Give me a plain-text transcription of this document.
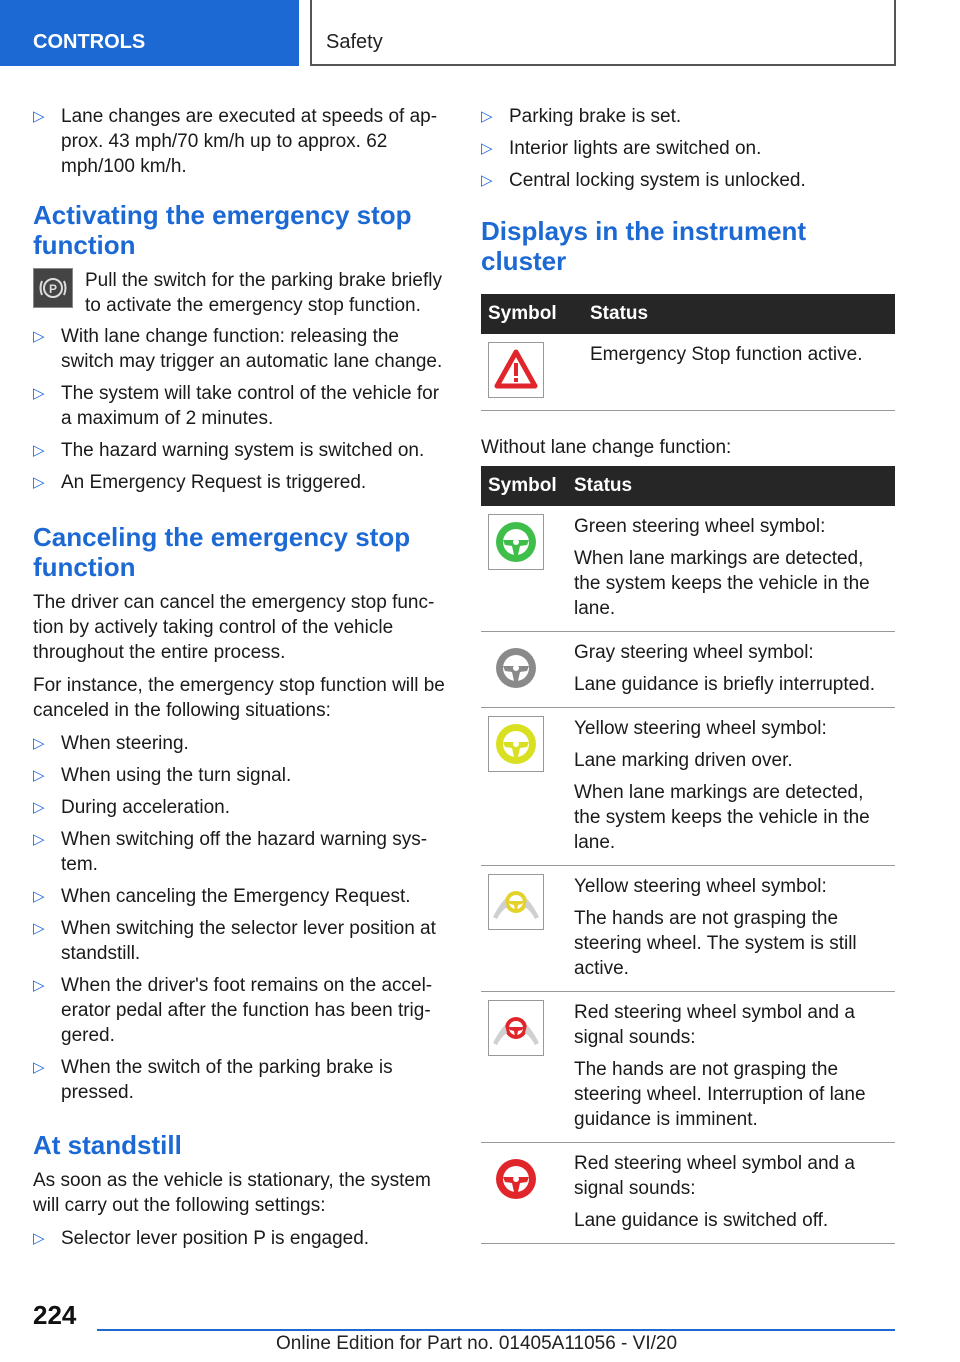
CONTROLS	Safety
▷ Lane changes are executed at speeds of ap‐prox. 43 mph/70 km/h up to approx. 62 mph/100 km/h.
Activating the emergency stop function
P Pull the switch for the parking brake briefly to activate the emergency stop function.
▷ With lane change function: releasing the switch may trigger an automatic lane change.
▷ The system will take control of the vehicle for a maximum of 2 minutes.
▷ The hazard warning system is switched on.
▷ An Emergency Request is triggered.
Canceling the emergency stop function

The driver can cancel the emergency stop func‐tion by actively taking control of the vehicle throughout the entire process.

For instance, the emergency stop function will be canceled in the following situations:

▷ When steering.
▷ When using the turn signal.
▷ During acceleration.
▷ When switching off the hazard warning sys‐tem.
▷ When canceling the Emergency Request.
▷ When switching the selector lever position at standstill.
▷ When the driver's foot remains on the accel‐erator pedal after the function has been trig‐gered.
▷ When the switch of the parking brake is pressed.
At standstill

As soon as the vehicle is stationary, the system will carry out the following settings:

▷ Selector lever position P is engaged.
▷ Parking brake is set.
▷ Interior lights are switched on.
▷ Central locking system is unlocked.
Displays in the instrument cluster
Symbol	Status

Emergency Stop function active.

Without lane change function:

Symbol	Status

Green steering wheel symbol:
When lane markings are detected, the system keeps the vehicle in the lane.

Gray steering wheel symbol:
Lane guidance is briefly interrupted.

Yellow steering wheel symbol:
Lane marking driven over.
When lane markings are detected, the system keeps the vehicle in the lane.

Yellow steering wheel symbol:
The hands are not grasping the steering wheel. The system is still active.

Red steering wheel symbol and a signal sounds:
The hands are not grasping the steering wheel. Interruption of lane guidance is imminent.

Red steering wheel symbol and a signal sounds:
Lane guidance is switched off.
224
Online Edition for Part no. 01405A11056 - VI/20
